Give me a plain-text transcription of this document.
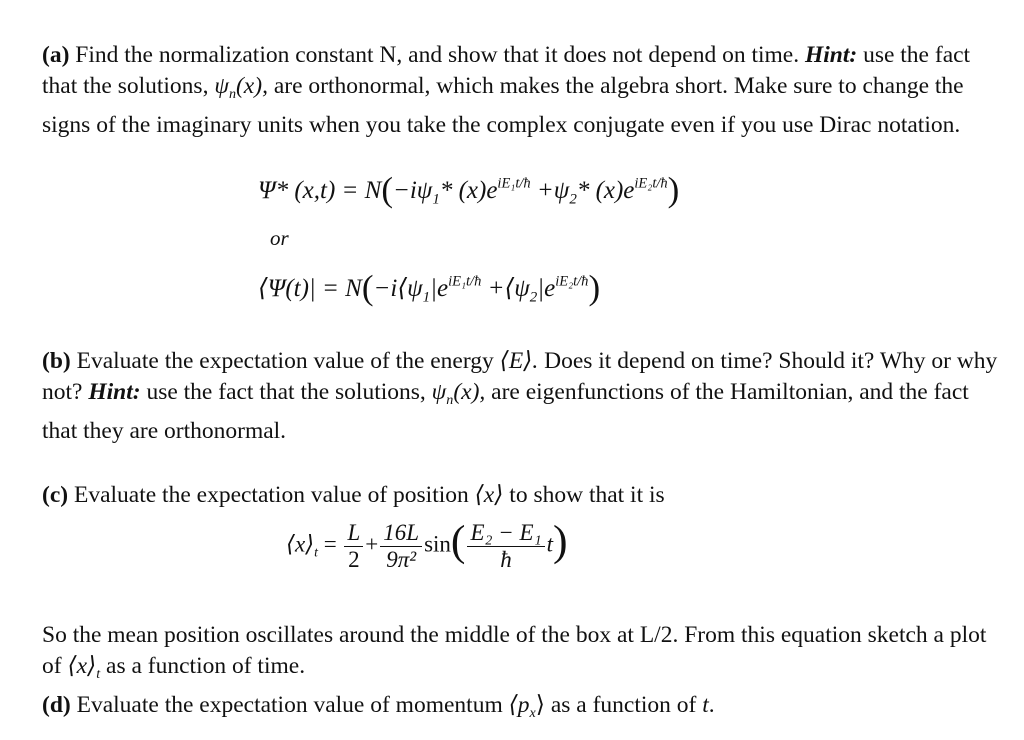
(a) Find the normalization constant N, and show that it does not depend on time. Hint: use the fact that the solutions, $\psi_n(x)$, are orthonormal, which makes the algebra short. Make sure to change the signs of the imaginary units when you take the complex conjugate even if you use Dirac notation.

Ψ* $(x,t) = N(-i\psi_1*$ $(x)e^{iE_1t/ħ} +\psi_2*$ $(x)e^{iE_2t/ħ}$)
or
⟨Ψ(t)| = $N(-i⟨\psi_1|e^{iE_1t/ħ}$ $+⟨\psi_2|e^{iE_2t/ħ}$)

(b) Evaluate the expectation value of the energy ⟨E⟩. Does it depend on time? Should it? Why or why not? Hint: use the fact that the solutions, $\psi_n(x)$, are eigenfunctions of the Hamiltonian, and the fact that they are orthonormal.

(c) Evaluate the expectation value of position ⟨x⟩ to show that it is

$⟨x⟩_t = \frac{L}{2} + \frac{16L}{\text{9π²}} \sin( \frac{\text{E₂ − E₁}}{ħ} t)$

So the mean position oscillates around the middle of the box at L/2. From this equation sketch a plot of $⟨x⟩_t$ as a function of time.

(d) Evaluate the expectation value of momentum $⟨p_x⟩$ as a function of t.
